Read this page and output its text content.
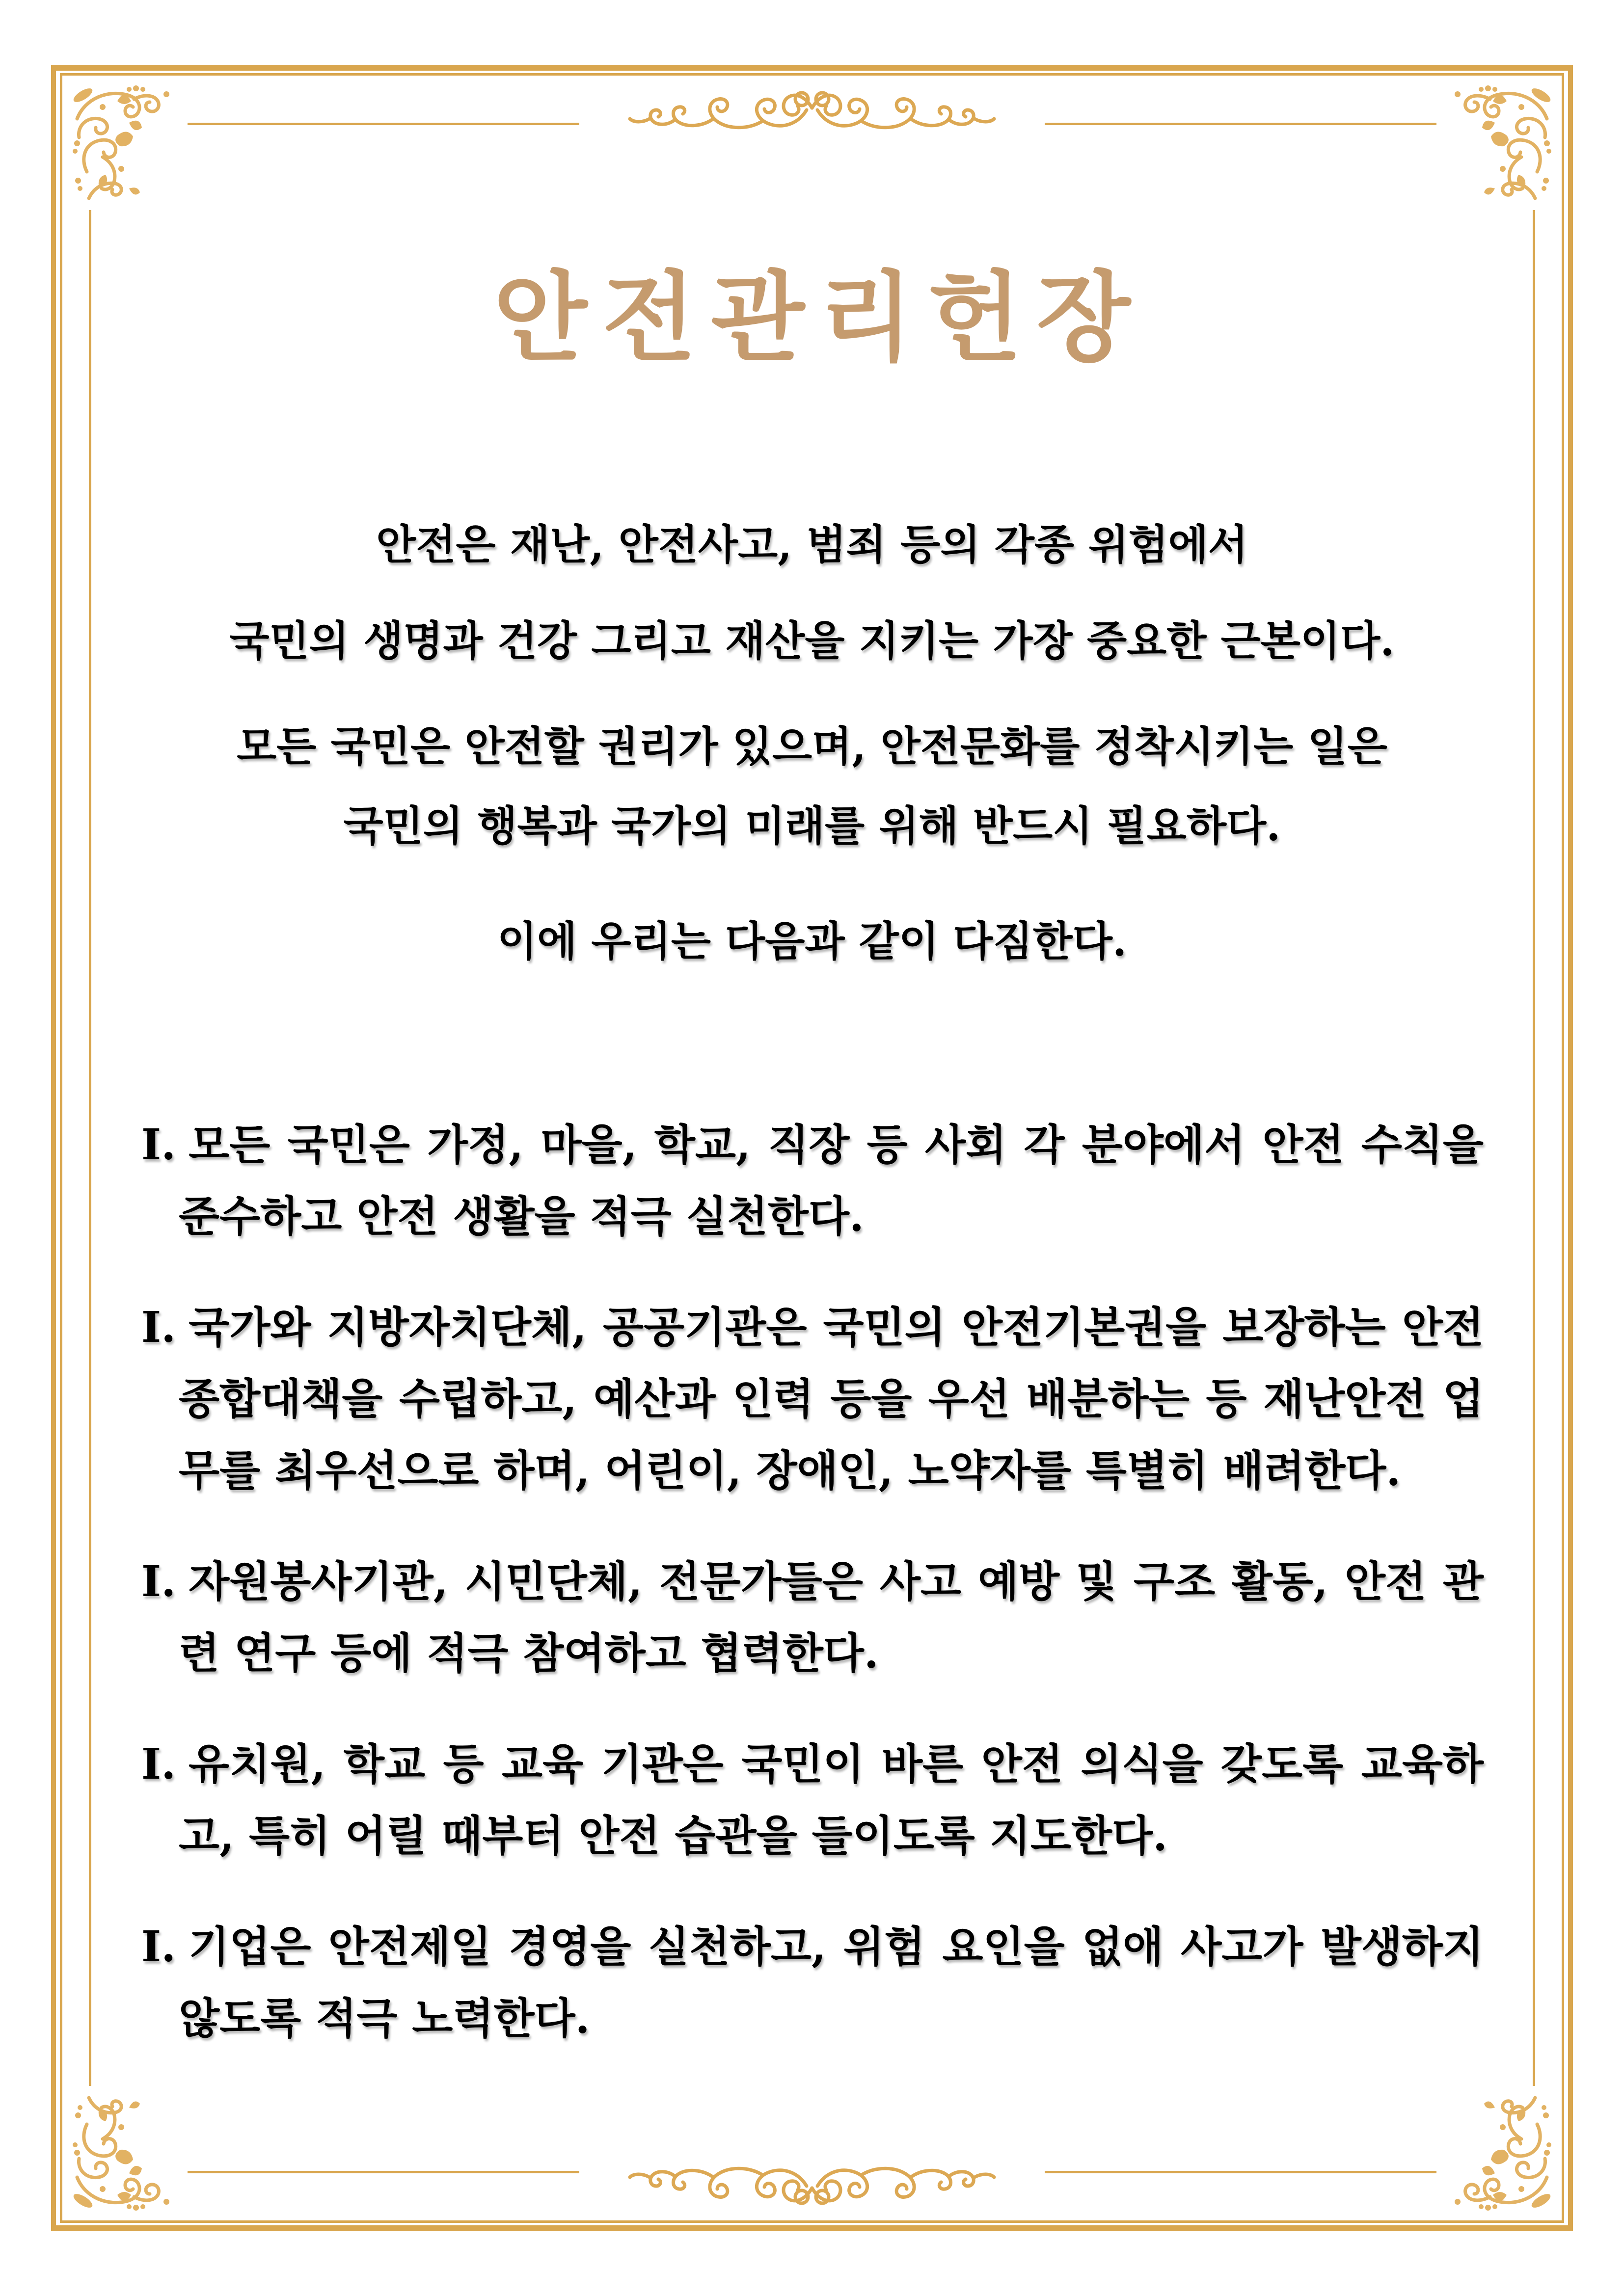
안전관리헌장
안전은 재난, 안전사고, 범죄 등의 각종 위험에서
국민의 생명과 건강 그리고 재산을 지키는 가장 중요한 근본이다.
모든 국민은 안전할 권리가 있으며, 안전문화를 정착시키는 일은
국민의 행복과 국가의 미래를 위해 반드시 필요하다.
이에 우리는 다음과 같이 다짐한다.

I. 모든 국민은 가정, 마을, 학교, 직장 등 사회 각 분야에서 안전 수칙을 준수하고 안전 생활을 적극 실천한다.

I. 국가와 지방자치단체, 공공기관은 국민의 안전기본권을 보장하는 안전 종합대책을 수립하고, 예산과 인력 등을 우선 배분하는 등 재난안전 업무를 최우선으로 하며, 어린이, 장애인, 노약자를 특별히 배려한다.

I. 자원봉사기관, 시민단체, 전문가들은 사고 예방 및 구조 활동, 안전 관련 연구 등에 적극 참여하고 협력한다.

I. 유치원, 학교 등 교육 기관은 국민이 바른 안전 의식을 갖도록 교육하고, 특히 어릴 때부터 안전 습관을 들이도록 지도한다.

I. 기업은 안전제일 경영을 실천하고, 위험 요인을 없애 사고가 발생하지 않도록 적극 노력한다.
